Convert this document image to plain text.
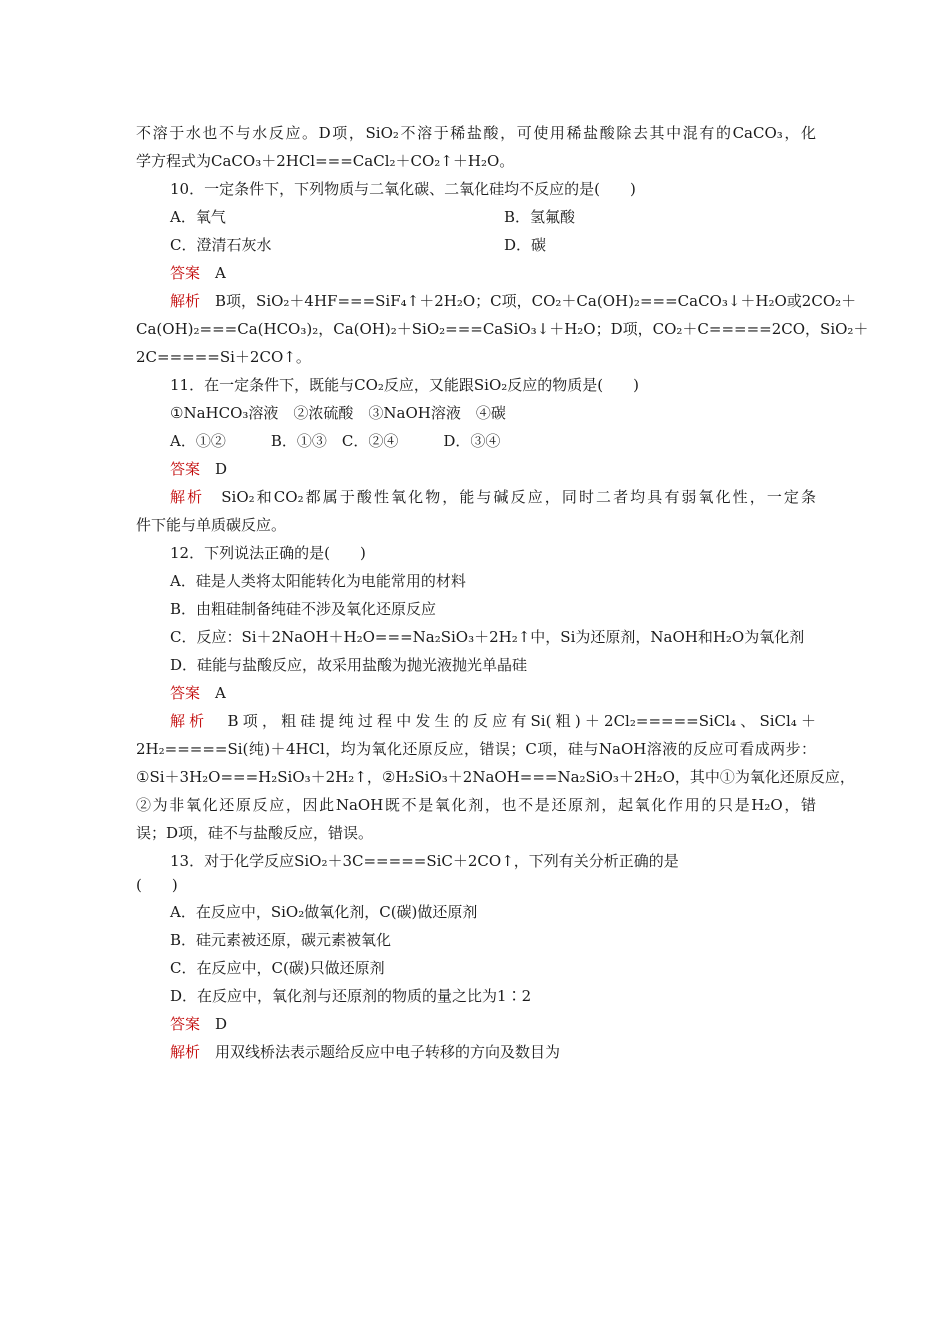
不溶于水也不与水反应。D项，SiO₂不溶于稀盐酸，可使用稀盐酸除去其中混有的CaCO₃，化
学方程式为CaCO₃＋2HCl===CaCl₂＋CO₂↑＋H₂O。
10．一定条件下，下列物质与二氧化碳、二氧化硅均不反应的是(　　)
A．氧气	B．氢氟酸
C．澄清石灰水	D．碳
答案　 A
解析　B项，SiO₂＋4HF===SiF₄↑＋2H₂O；C项，CO₂＋Ca(OH)₂===CaCO₃↓＋H₂O或2CO₂＋
Ca(OH)₂===Ca(HCO₃)₂，Ca(OH)₂＋SiO₂===CaSiO₃↓＋H₂O；D项，CO₂＋C=====2CO，SiO₂＋
2C=====Si＋2CO↑。
11．在一定条件下，既能与CO₂反应，又能跟SiO₂反应的物质是(　　)
①NaHCO₃溶液　②浓硫酸　③NaOH溶液　④碳
A．①②　　　B．①③　C．②④　　　D．③④
答案　 D
解析　SiO₂和CO₂都属于酸性氧化物，能与碱反应，同时二者均具有弱氧化性，一定条
件下能与单质碳反应。
12．下列说法正确的是(　　)
A．硅是人类将太阳能转化为电能常用的材料
B．由粗硅制备纯硅不涉及氧化还原反应
C．反应：Si＋2NaOH＋H₂O===Na₂SiO₃＋2H₂↑中，Si为还原剂，NaOH和H₂O为氧化剂
D．硅能与盐酸反应，故采用盐酸为抛光液抛光单晶硅
答案　 A
解析　B项，粗硅提纯过程中发生的反应有Si(粗)＋2Cl₂=====SiCl₄、SiCl₄＋
2H₂=====Si(纯)＋4HCl，均为氧化还原反应，错误；C项，硅与NaOH溶液的反应可看成两步：
①Si＋3H₂O===H₂SiO₃＋2H₂↑，②H₂SiO₃＋2NaOH===Na₂SiO₃＋2H₂O，其中①为氧化还原反应，
②为非氧化还原反应，因此NaOH既不是氧化剂，也不是还原剂，起氧化作用的只是H₂O，错
误；D项，硅不与盐酸反应，错误。
13．对于化学反应SiO₂＋3C=====SiC＋2CO↑，下列有关分析正确的是
(　　)
A．在反应中，SiO₂做氧化剂，C(碳)做还原剂
B．硅元素被还原，碳元素被氧化
C．在反应中，C(碳)只做还原剂
D．在反应中，氧化剂与还原剂的物质的量之比为1∶2
答案　 D
解析　用双线桥法表示题给反应中电子转移的方向及数目为
